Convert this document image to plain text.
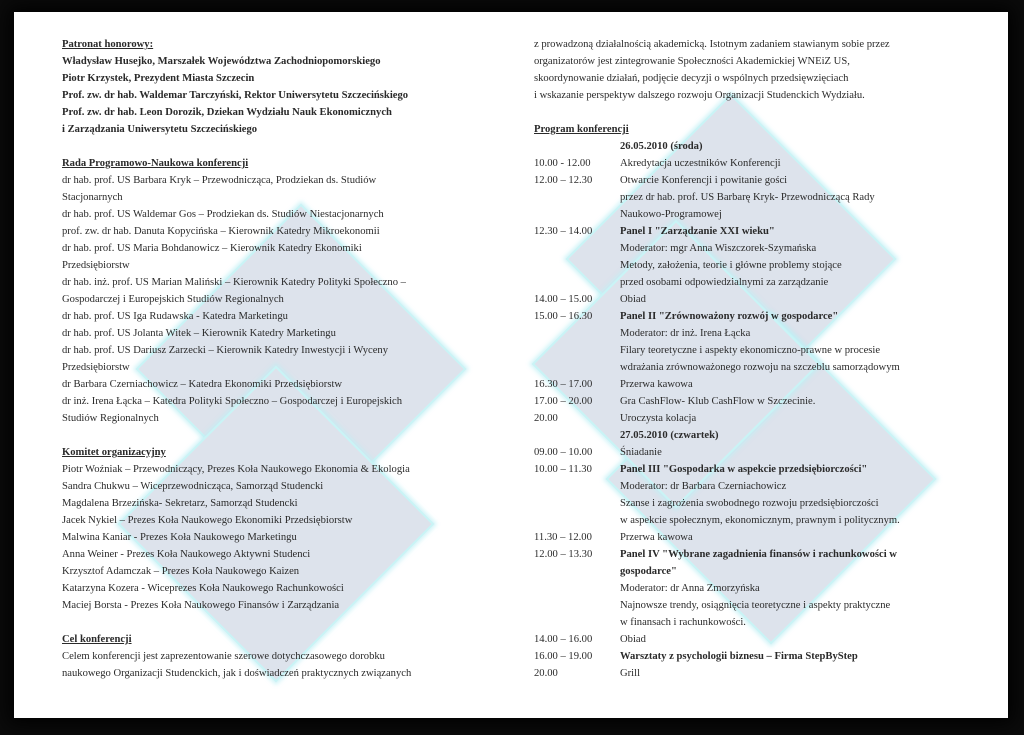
Patronat honorowy:
Władysław Husejko, Marszałek Województwa Zachodniopomorskiego
Piotr Krzystek, Prezydent Miasta Szczecin
Prof. zw. dr hab. Waldemar Tarczyński, Rektor Uniwersytetu Szczecińskiego
Prof. zw. dr hab. Leon Dorozik, Dziekan Wydziału Nauk Ekonomicznych
i Zarządzania Uniwersytetu Szczecińskiego
Rada Programowo-Naukowa konferencji
dr hab. prof. US Barbara Kryk – Przewodnicząca, Prodziekan ds. Studiów
Stacjonarnych
dr hab. prof. US Waldemar Gos – Prodziekan ds. Studiów Niestacjonarnych
prof. zw. dr hab. Danuta Kopycińska – Kierownik Katedry Mikroekonomii
dr hab. prof. US Maria Bohdanowicz – Kierownik Katedry Ekonomiki
Przedsiębiorstw
dr hab. inż. prof. US Marian Maliński – Kierownik Katedry Polityki Społeczno –
Gospodarczej i Europejskich Studiów Regionalnych
dr hab. prof. US Iga Rudawska - Katedra Marketingu
dr hab. prof. US Jolanta Witek – Kierownik Katedry Marketingu
dr hab. prof. US Dariusz Zarzecki – Kierownik Katedry Inwestycji i Wyceny
Przedsiębiorstw
dr Barbara Czerniachowicz – Katedra Ekonomiki Przedsiębiorstw
dr inż. Irena Łącka – Katedra Polityki Społeczno – Gospodarczej i Europejskich
Studiów Regionalnych
Komitet organizacyjny
Piotr Woźniak – Przewodniczący, Prezes Koła Naukowego Ekonomia & Ekologia
Sandra Chukwu – Wiceprzewodnicząca, Samorząd Studencki
Magdalena Brzezińska- Sekretarz, Samorząd Studencki
Jacek Nykiel – Prezes Koła Naukowego Ekonomiki Przedsiębiorstw
Malwina Kaniar - Prezes Koła Naukowego Marketingu
Anna Weiner - Prezes Koła Naukowego Aktywni Studenci
Krzysztof Adamczak – Prezes Koła Naukowego Kaizen
Katarzyna Kozera - Wiceprezes Koła Naukowego Rachunkowości
Maciej Borsta - Prezes Koła Naukowego Finansów i Zarządzania
Cel konferencji
Celem konferencji jest zaprezentowanie szerowe dotychczasowego dorobku
naukowego Organizacji Studenckich, jak i doświadczeń praktycznych związanych
z prowadzoną działalnością akademicką. Istotnym zadaniem stawianym sobie przez
organizatorów jest zintegrowanie Społeczności Akademickiej WNEiZ US,
skoordynowanie działań, podjęcie decyzji o wspólnych przedsięwzięciach
i wskazanie perspektyw dalszego rozwoju Organizacji Studenckich Wydziału.
Program konferencji
26.05.2010 (środa)
10.00 - 12.00	Akredytacja uczestników Konferencji
12.00 – 12.30	Otwarcie Konferencji i powitanie gości
przez dr hab. prof. US Barbarę Kryk- Przewodniczącą Rady
Naukowo-Programowej
12.30 – 14.00	Panel I "Zarządzanie XXI wieku"
Moderator: mgr Anna Wiszczorek-Szymańska
Metody, założenia, teorie i główne problemy stojące
przed osobami odpowiedzialnymi za zarządzanie
14.00 – 15.00	Obiad
15.00 – 16.30	Panel II "Zrównoważony rozwój w gospodarce"
Moderator: dr inż. Irena Łącka
Filary teoretyczne i aspekty ekonomiczno-prawne w procesie
wdrażania zrównoważonego rozwoju na szczeblu samorządowym
16.30 – 17.00	Przerwa kawowa
17.00 – 20.00	Gra CashFlow- Klub CashFlow w Szczecinie.
20.00	Uroczysta kolacja
27.05.2010 (czwartek)
09.00 – 10.00	Śniadanie
10.00 – 11.30	Panel III "Gospodarka w aspekcie przedsiębiorczości"
Moderator: dr Barbara Czerniachowicz
Szanse i zagrożenia swobodnego rozwoju przedsiębiorczości
w aspekcie społecznym, ekonomicznym, prawnym i politycznym.
11.30 – 12.00	Przerwa kawowa
12.00 – 13.30	Panel IV "Wybrane zagadnienia finansów i rachunkowości w
gospodarce"
Moderator: dr Anna Zmorzyńska
Najnowsze trendy, osiągnięcia teoretyczne i aspekty praktyczne
w finansach i rachunkowości.
14.00 – 16.00	Obiad
16.00 – 19.00	Warsztaty z psychologii biznesu – Firma StepByStep
20.00	Grill
